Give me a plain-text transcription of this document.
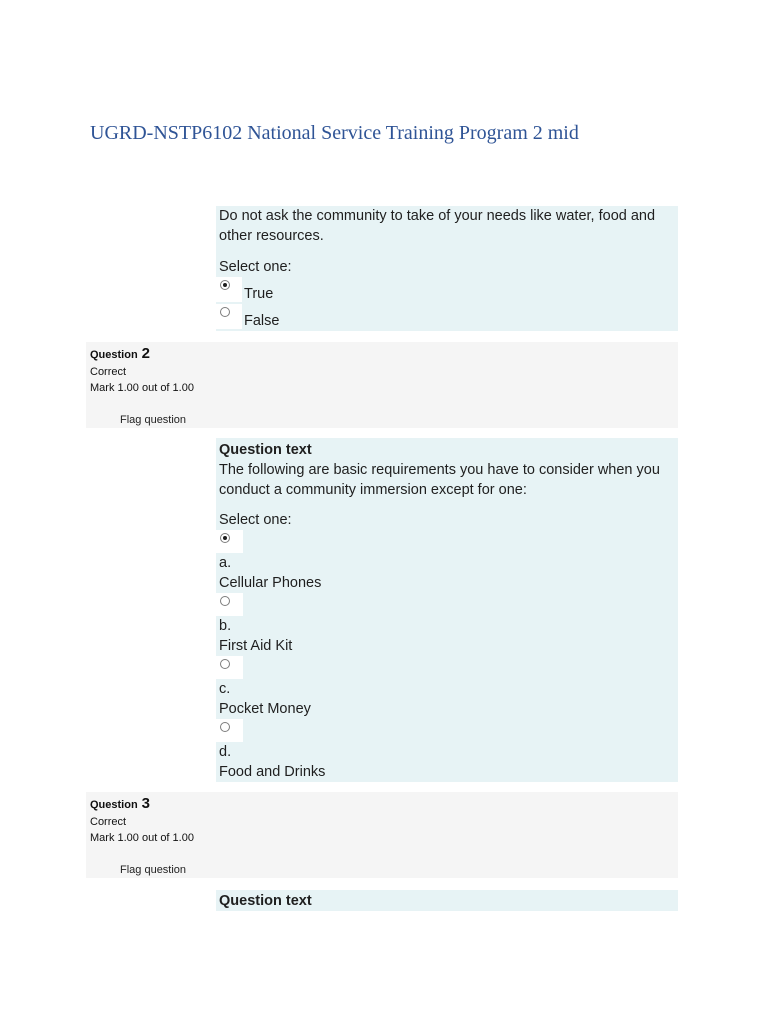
UGRD-NSTP6102 National Service Training Program 2 mid
Do not ask the community to take of your needs like water, food and other resources.
Select one:
True
False
Question 2
Correct
Mark 1.00 out of 1.00
Flag question
Question text
The following are basic requirements you have to consider when you conduct a community immersion except for one:
Select one:
a.
Cellular Phones
b.
First Aid Kit
c.
Pocket Money
d.
Food and Drinks
Question 3
Correct
Mark 1.00 out of 1.00
Flag question
Question text
